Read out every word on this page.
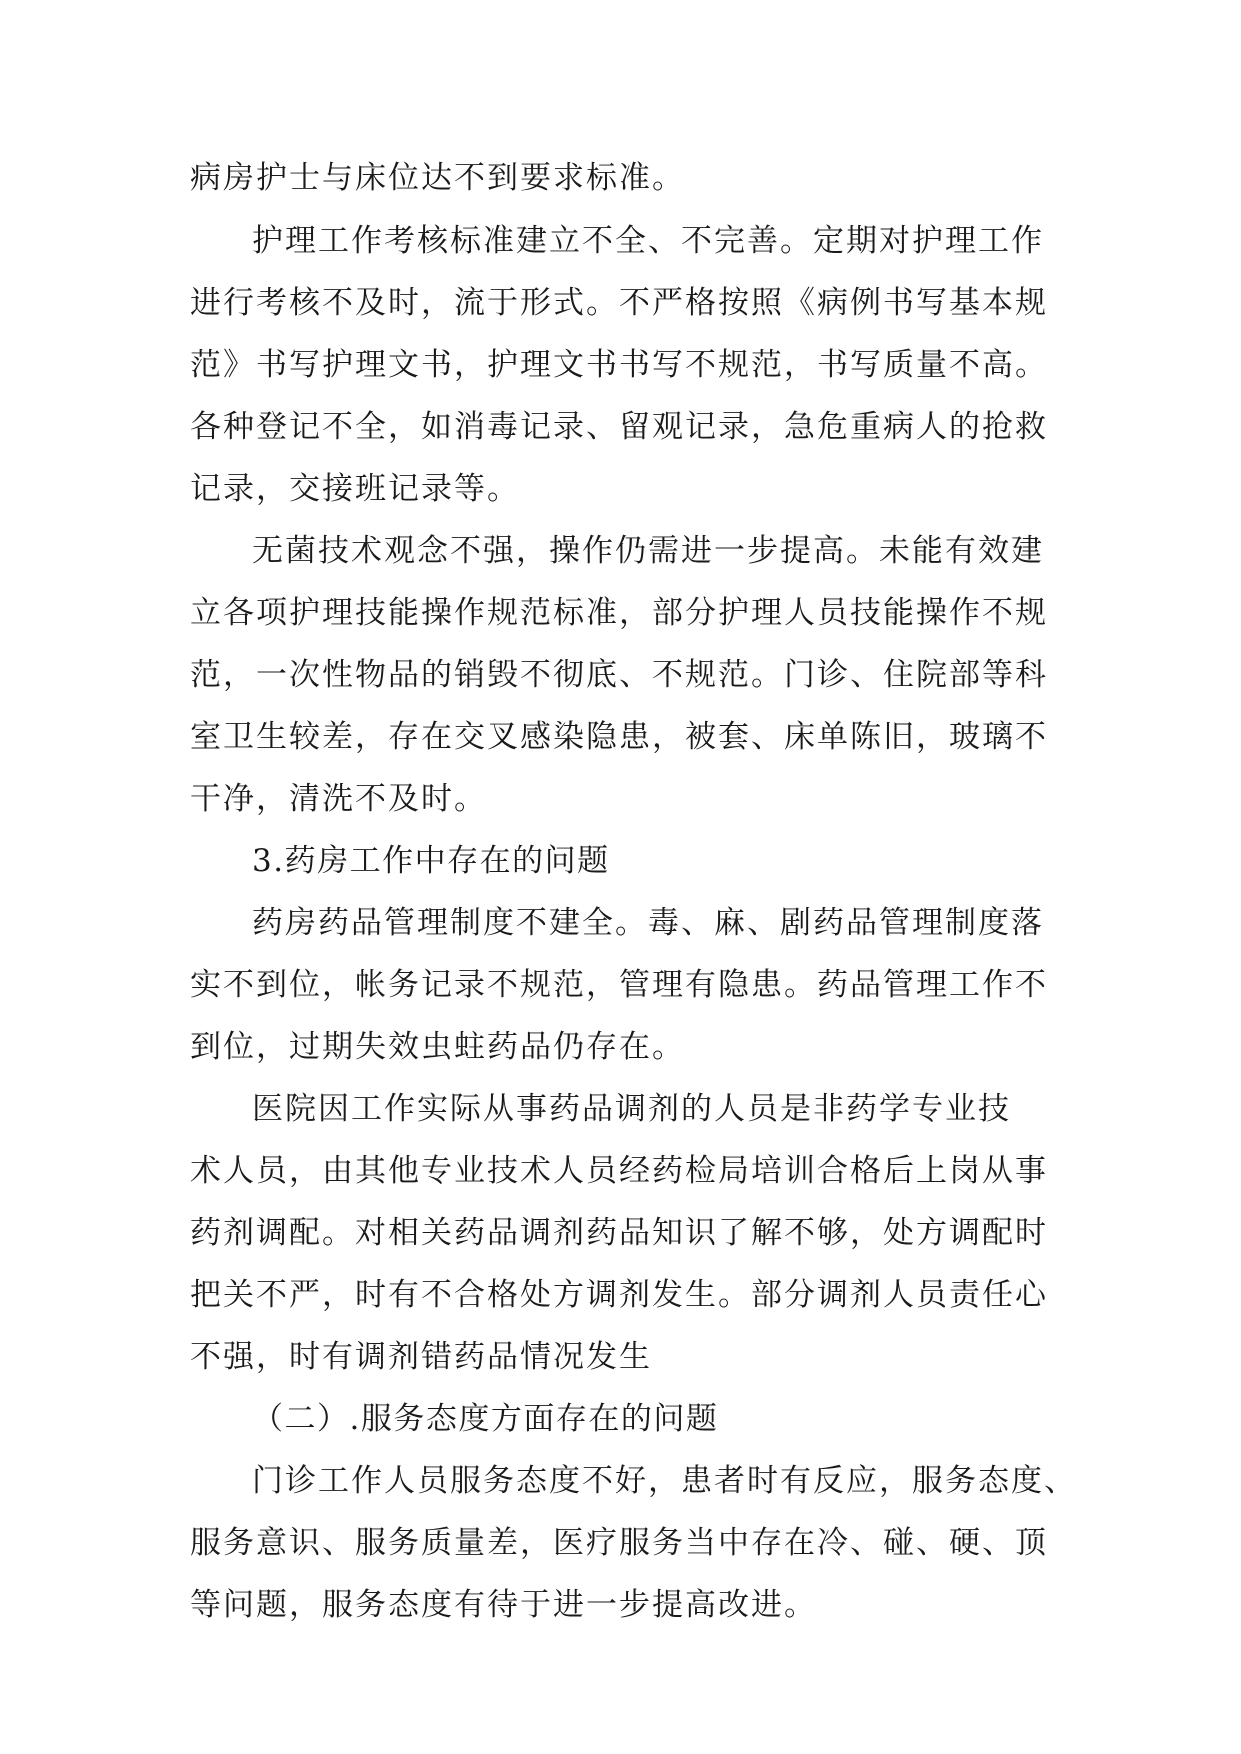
病房护士与床位达不到要求标准。
护理工作考核标准建立不全、不完善。定期对护理工作
进行考核不及时，流于形式。不严格按照《病例书写基本规
范》书写护理文书，护理文书书写不规范，书写质量不高。
各种登记不全，如消毒记录、留观记录，急危重病人的抢救
记录，交接班记录等。
无菌技术观念不强，操作仍需进一步提高。未能有效建
立各项护理技能操作规范标准，部分护理人员技能操作不规
范，一次性物品的销毁不彻底、不规范。门诊、住院部等科
室卫生较差，存在交叉感染隐患，被套、床单陈旧，玻璃不
干净，清洗不及时。
3.药房工作中存在的问题
药房药品管理制度不建全。毒、麻、剧药品管理制度落
实不到位，帐务记录不规范，管理有隐患。药品管理工作不
到位，过期失效虫蛀药品仍存在。
医院因工作实际从事药品调剂的人员是非药学专业技
术人员，由其他专业技术人员经药检局培训合格后上岗从事
药剂调配。对相关药品调剂药品知识了解不够，处方调配时
把关不严，时有不合格处方调剂发生。部分调剂人员责任心
不强，时有调剂错药品情况发生
（二）.服务态度方面存在的问题
门诊工作人员服务态度不好，患者时有反应，服务态度、
服务意识、服务质量差，医疗服务当中存在冷、碰、硬、顶
等问题，服务态度有待于进一步提高改进。
